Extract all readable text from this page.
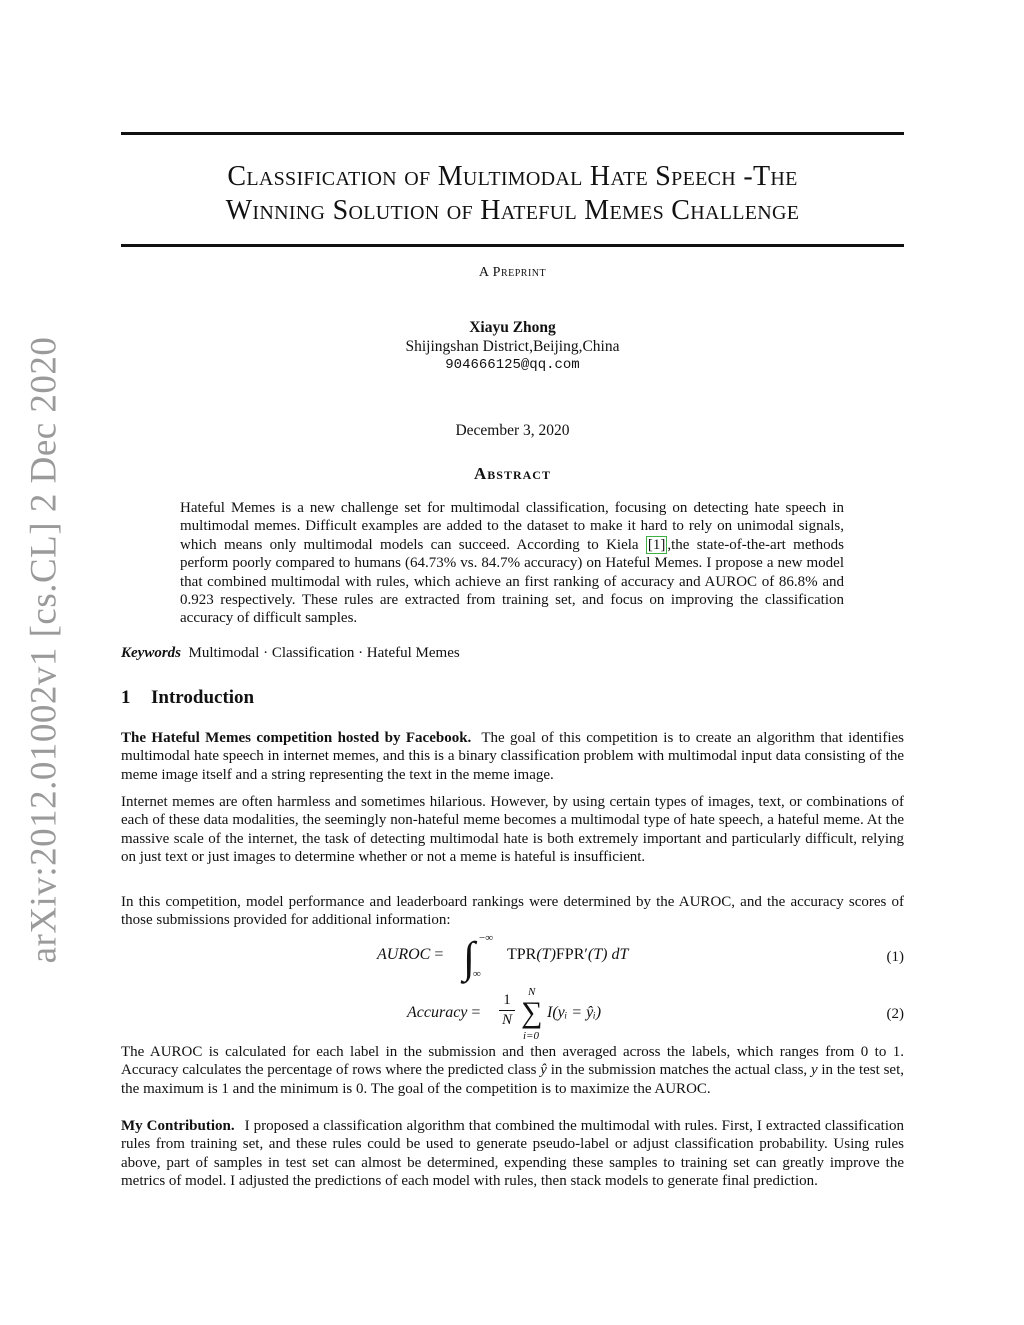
arXiv:2012.01002v1 [cs.CL] 2 Dec 2020
Classification of Multimodal Hate Speech -The
Winning Solution of Hateful Memes Challenge
A Preprint
Xiayu Zhong
Shijingshan District,Beijing,China
904666125@qq.com
December 3, 2020
Abstract
Hateful Memes is a new challenge set for multimodal classification, focusing on detecting hate speech in multimodal memes. Difficult examples are added to the dataset to make it hard to rely on unimodal signals, which means only multimodal models can succeed. According to Kiela [1] ,the state-of-the-art methods perform poorly compared to humans (64.73% vs. 84.7% accuracy) on Hateful Memes. I propose a new model that combined multimodal with rules, which achieve an first ranking of accuracy and AUROC of 86.8% and 0.923 respectively. These rules are extracted from training set, and focus on improving the classification accuracy of difficult samples.
Keywords Multimodal · Classification · Hateful Memes
1 Introduction
The Hateful Memes competition hosted by Facebook. The goal of this competition is to create an algorithm that identifies multimodal hate speech in internet memes, and this is a binary classification problem with multimodal input data consisting of the meme image itself and a string representing the text in the meme image.
Internet memes are often harmless and sometimes hilarious. However, by using certain types of images, text, or combinations of each of these data modalities, the seemingly non-hateful meme becomes a multimodal type of hate speech, a hateful meme. At the massive scale of the internet, the task of detecting multimodal hate is both extremely important and particularly difficult, relying on just text or just images to determine whether or not a meme is hateful is insufficient.
In this competition, model performance and leaderboard rankings were determined by the AUROC, and the accuracy scores of those submissions provided for additional information:
AUROC = ∫ −∞
∞
TPR(T)FPR′(T) dT	(1)
Accuracy =
1
N
N
∑
i=0
I(yᵢ = ŷᵢ)	(2)
The AUROC is calculated for each label in the submission and then averaged across the labels, which ranges from 0 to 1. Accuracy calculates the percentage of rows where the predicted class ŷ in the submission matches the actual class, y in the test set, the maximum is 1 and the minimum is 0. The goal of the competition is to maximize the AUROC.
My Contribution. I proposed a classification algorithm that combined the multimodal with rules. First, I extracted classification rules from training set, and these rules could be used to generate pseudo-label or adjust classification probability. Using rules above, part of samples in test set can almost be determined, expending these samples to training set can greatly improve the metrics of model. I adjusted the predictions of each model with rules, then stack models to generate final prediction.
